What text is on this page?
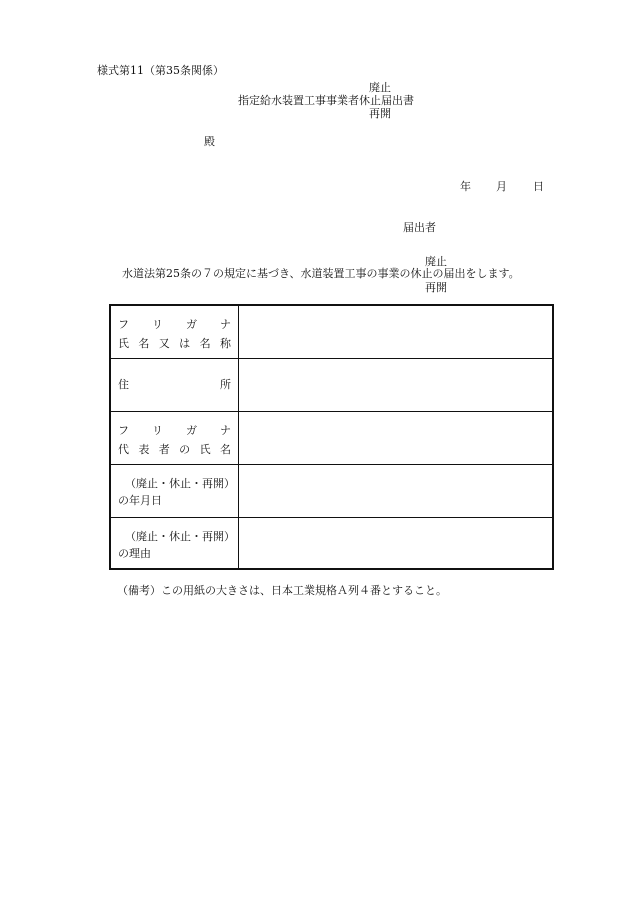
様式第11（第35条関係）
廃止
指定給水装置工事事業者休止届出書
再開
殿
年 月 日
届出者
廃止
水道法第25条の７の規定に基づき、水道装置工事の事業の休止の届出をします。
再開
フ リ ガ ナ
氏 名 又 は 名 称
住	所
フ リ ガ ナ
代 表 者 の 氏 名
（廃止・休止・再開）
の年月日
（廃止・休止・再開）
の理由
（備考）この用紙の大きさは、日本工業規格Ａ列４番とすること。
